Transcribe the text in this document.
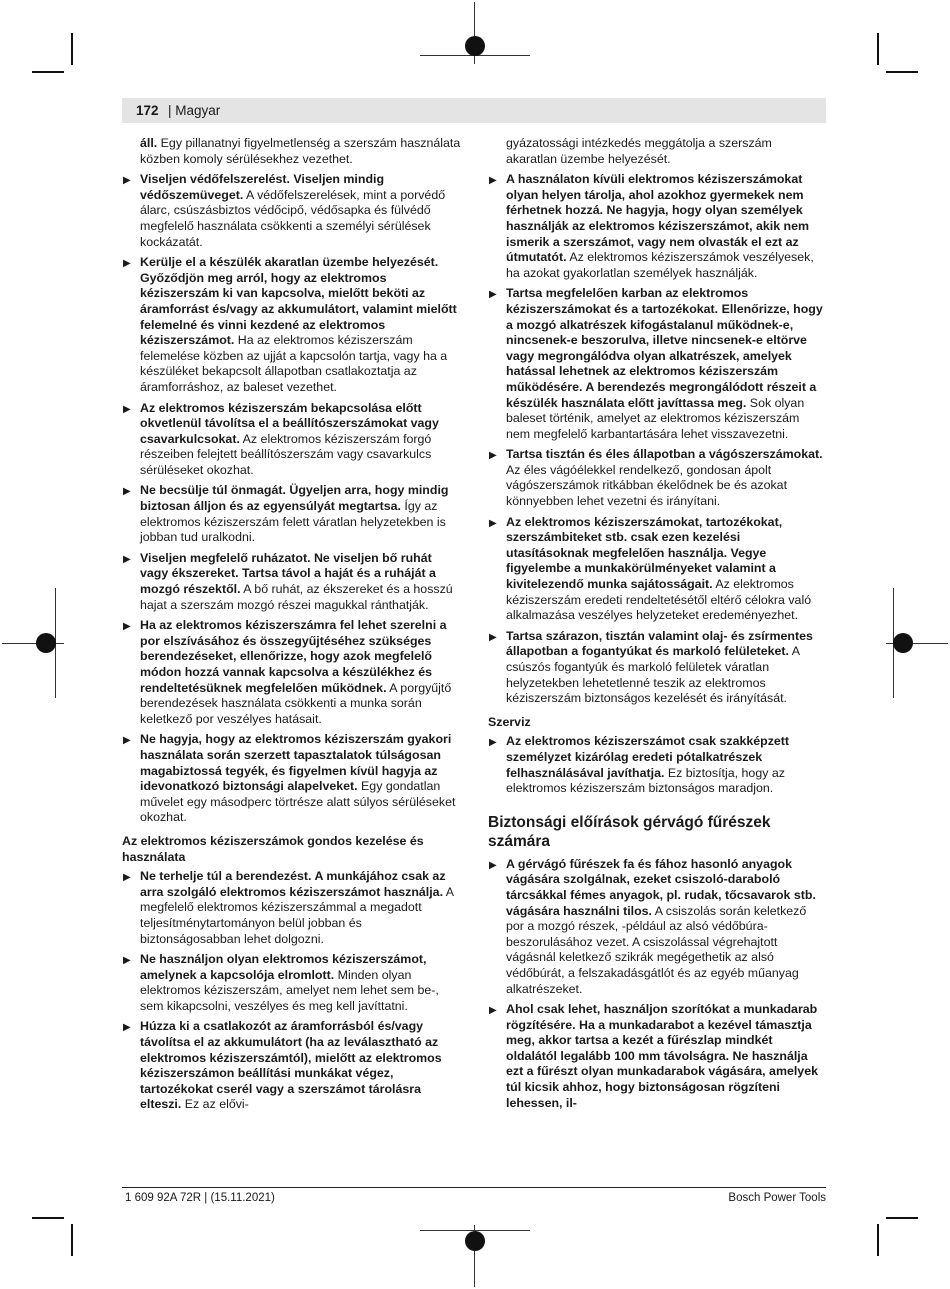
172 | Magyar
áll. Egy pillanatnyi figyelmetlenség a szerszám használata közben komoly sérülésekhez vezethet.
▶ Viseljen védőfelszerelést. Viseljen mindig védőszemüveget. A védőfelszerelések, mint a porvédő álarc, csúszásbiztos védőcipő, védősapka és fülvédő megfelelő használata csökkenti a személyi sérülések kockázatát.
▶ Kerülje el a készülék akaratlan üzembe helyezését. Győződjön meg arról, hogy az elektromos kéziszerszám ki van kapcsolva, mielőtt beköti az áramforrást és/vagy az akkumulátort, valamint mielőtt felemelné és vinni kezdené az elektromos kéziszerszámot. Ha az elektromos kéziszerszám felemelése közben az ujját a kapcsolón tartja, vagy ha a készüléket bekapcsolt állapotban csatlakoztatja az áramforráshoz, az baleset vezethet.
▶ Az elektromos kéziszerszám bekapcsolása előtt okvetlenül távolítsa el a beállítószerszámokat vagy csavarkulcsokat. Az elektromos kéziszerszám forgó részeiben felejtett beállítószerszám vagy csavarkulcs sérüléseket okozhat.
▶ Ne becsülje túl önmagát. Ügyeljen arra, hogy mindig biztosan álljon és az egyensúlyát megtartsa. Így az elektromos kéziszerszám felett váratlan helyzetekben is jobban tud uralkodni.
▶ Viseljen megfelelő ruházatot. Ne viseljen bő ruhát vagy ékszereket. Tartsa távol a haját és a ruháját a mozgó részektől. A bő ruhát, az ékszereket és a hosszú hajat a szerszám mozgó részei magukkal ránthatják.
▶ Ha az elektromos kéziszerszámra fel lehet szerelni a por elszívásához és összegyűjtéséhez szükséges berendezéseket, ellenőrizze, hogy azok megfelelő módon hozzá vannak kapcsolva a készülékhez és rendeltetésüknek megfelelően működnek. A porgyűjtő berendezések használata csökkenti a munka során keletkező por veszélyes hatásait.
▶ Ne hagyja, hogy az elektromos kéziszerszám gyakori használata során szerzett tapasztalatok túlságosan magabiztossá tegyék, és figyelmen kívül hagyja az idevonatkozó biztonsági alapelveket. Egy gondatlan művelet egy másodperc törtrésze alatt súlyos sérüléseket okozhat.
Az elektromos kéziszerszámok gondos kezelése és használata
▶ Ne terhelje túl a berendezést. A munkájához csak az arra szolgáló elektromos kéziszerszámot használja. A megfelelő elektromos kéziszerszámmal a megadott teljesítménytartományon belül jobban és biztonságosabban lehet dolgozni.
▶ Ne használjon olyan elektromos kéziszerszámot, amelynek a kapcsolója elromlott. Minden olyan elektromos kéziszerszám, amelyet nem lehet sem be-, sem kikapcsolni, veszélyes és meg kell javíttatni.
▶ Húzza ki a csatlakozót az áramforrásból és/vagy távolítsa el az akkumulátort (ha az leválasztható az elektromos kéziszerszámtól), mielőtt az elektromos kéziszerszámon beállítási munkákat végez, tartozékokat cserél vagy a szerszámot tárolásra elteszi. Ez az elővi-
gyázatossági intézkedés meggátolja a szerszám akaratlan üzembe helyezését.
▶ A használaton kívüli elektromos kéziszerszámokat olyan helyen tárolja, ahol azokhoz gyermekek nem férhetnek hozzá. Ne hagyja, hogy olyan személyek használják az elektromos kéziszerszámot, akik nem ismerik a szerszámot, vagy nem olvasták el ezt az útmutatót. Az elektromos kéziszerszámok veszélyesek, ha azokat gyakorlatlan személyek használják.
▶ Tartsa megfelelően karban az elektromos kéziszerszámokat és a tartozékokat. Ellenőrizze, hogy a mozgó alkatrészek kifogástalanul működnek-e, nincsenek-e beszorulva, illetve nincsenek-e eltörve vagy megrongálódva olyan alkatrészek, amelyek hatással lehetnek az elektromos kéziszerszám működésére. A berendezés megrongálódott részeit a készülék használata előtt javíttassa meg. Sok olyan baleset történik, amelyet az elektromos kéziszerszám nem megfelelő karbantartására lehet visszavezetni.
▶ Tartsa tisztán és éles állapotban a vágószerszámokat. Az éles vágóélekkel rendelkező, gondosan ápolt vágószerszámok ritkábban ékelődnek be és azokat könnyebben lehet vezetni és irányítani.
▶ Az elektromos kéziszerszámokat, tartozékokat, szerszámbiteket stb. csak ezen kezelési utasításoknak megfelelően használja. Vegye figyelembe a munkakörülményeket valamint a kivitelezendő munka sajátosságait. Az elektromos kéziszerszám eredeti rendeltetésétől eltérő célokra való alkalmazása veszélyes helyzeteket eredeményezhet.
▶ Tartsa szárazon, tisztán valamint olaj- és zsírmentes állapotban a fogantyúkat és markoló felületeket. A csúszós fogantyúk és markoló felületek váratlan helyzetekben lehetetlenné teszik az elektromos kéziszerszám biztonságos kezelését és irányítását.
Szerviz
▶ Az elektromos kéziszerszámot csak szakképzett személyzet kizárólag eredeti pótalkatrészek felhasználásával javíthatja. Ez biztosítja, hogy az elektromos kéziszerszám biztonságos maradjon.
Biztonsági előírások gérvágó fűrészek számára
▶ A gérvágó fűrészek fa és fához hasonló anyagok vágására szolgálnak, ezeket csiszoló-daraboló tárcsákkal fémes anyagok, pl. rudak, tőcsavarok stb. vágására használni tilos. A csiszolás során keletkező por a mozgó részek, -például az alsó védőbúra- beszorulásához vezet. A csiszolással végrehajtott vágásnál keletkező szikrák megégethetik az alsó védőbúrát, a felszakadásgátlót és az egyéb műanyag alkatrészeket.
▶ Ahol csak lehet, használjon szorítókat a munkadarab rögzítésére. Ha a munkadarabot a kezével támasztja meg, akkor tartsa a kezét a fűrészlap mindkét oldalától legalább 100 mm távolságra. Ne használja ezt a fűrészt olyan munkadarabok vágására, amelyek túl kicsik ahhoz, hogy biztonságosan rögzíteni lehessen, il-
1 609 92A 72R | (15.11.2021)	Bosch Power Tools
